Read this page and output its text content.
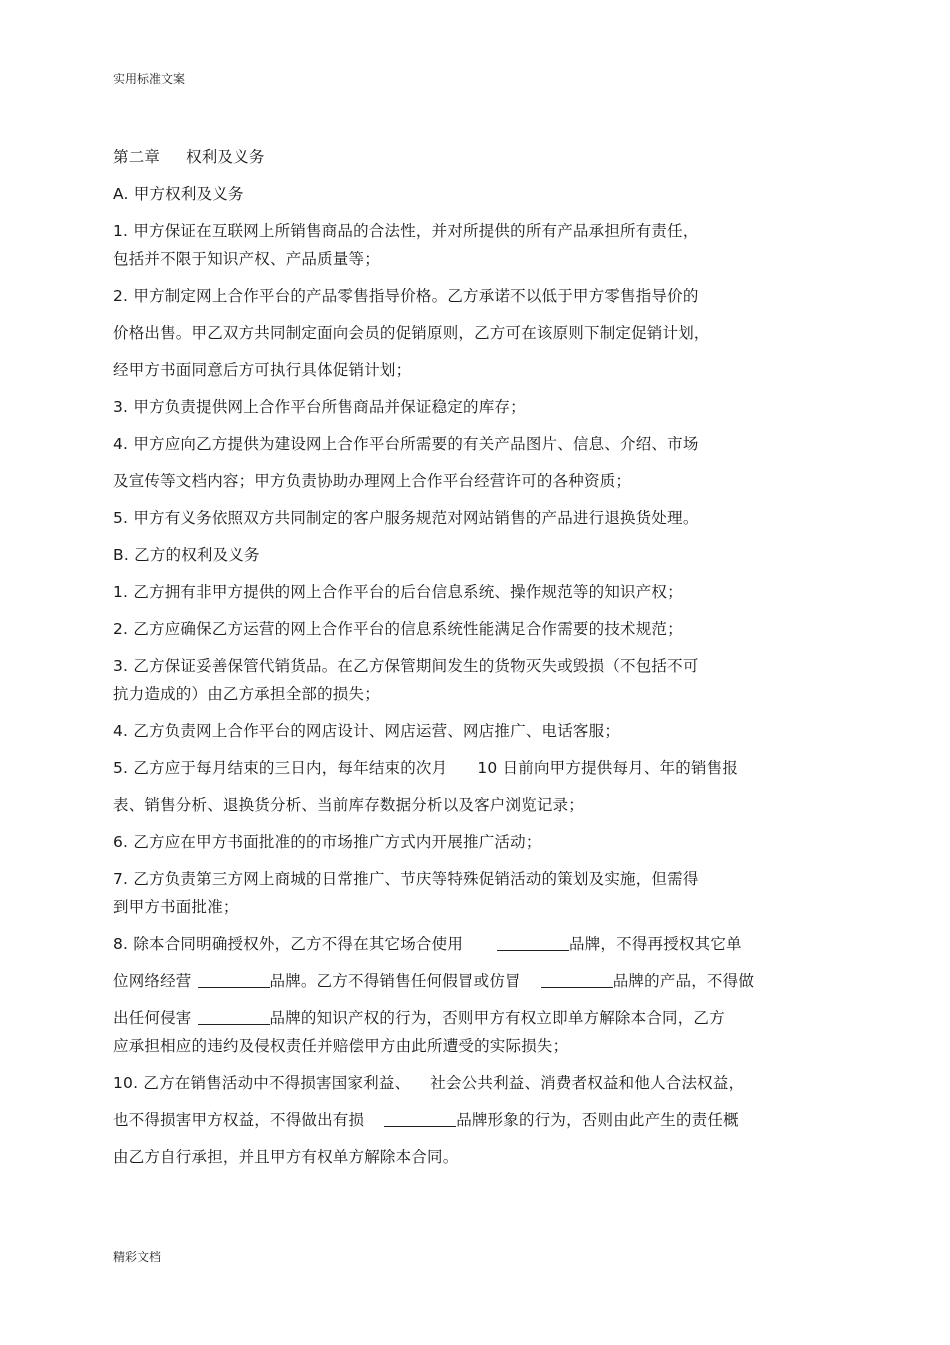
实用标准文案
第二章 权利及义务
A. 甲方权利及义务
1. 甲方保证在互联网上所销售商品的合法性，并对所提供的所有产品承担所有责任，
包括并不限于知识产权、产品质量等；
2. 甲方制定网上合作平台的产品零售指导价格。乙方承诺不以低于甲方零售指导价的
价格出售。甲乙双方共同制定面向会员的促销原则，乙方可在该原则下制定促销计划，
经甲方书面同意后方可执行具体促销计划；
3. 甲方负责提供网上合作平台所售商品并保证稳定的库存；
4. 甲方应向乙方提供为建设网上合作平台所需要的有关产品图片、信息、介绍、市场
及宣传等文档内容；甲方负责协助办理网上合作平台经营许可的各种资质；
5. 甲方有义务依照双方共同制定的客户服务规范对网站销售的产品进行退换货处理。
B. 乙方的权利及义务
1. 乙方拥有非甲方提供的网上合作平台的后台信息系统、操作规范等的知识产权；
2. 乙方应确保乙方运营的网上合作平台的信息系统性能满足合作需要的技术规范；
3. 乙方保证妥善保管代销货品。在乙方保管期间发生的货物灭失或毁损（不包括不可
抗力造成的）由乙方承担全部的损失；
4. 乙方负责网上合作平台的网店设计、网店运营、网店推广、电话客服；
5. 乙方应于每月结束的三日内，每年结束的次月 10 日前向甲方提供每月、年的销售报
表、销售分析、退换货分析、当前库存数据分析以及客户浏览记录；
6. 乙方应在甲方书面批准的的市场推广方式内开展推广活动；
7. 乙方负责第三方网上商城的日常推广、节庆等特殊促销活动的策划及实施，但需得
到甲方书面批准；
8. 除本合同明确授权外，乙方不得在其它场合使用	品牌，不得再授权其它单
位网络经营	品牌。乙方不得销售任何假冒或仿冒	品牌的产品，不得做
出任何侵害	品牌的知识产权的行为，否则甲方有权立即单方解除本合同，乙方
应承担相应的违约及侵权责任并赔偿甲方由此所遭受的实际损失；
10. 乙方在销售活动中不得损害国家利益、 社会公共利益、消费者权益和他人合法权益，
也不得损害甲方权益，不得做出有损	品牌形象的行为，否则由此产生的责任概
由乙方自行承担，并且甲方有权单方解除本合同。
精彩文档
